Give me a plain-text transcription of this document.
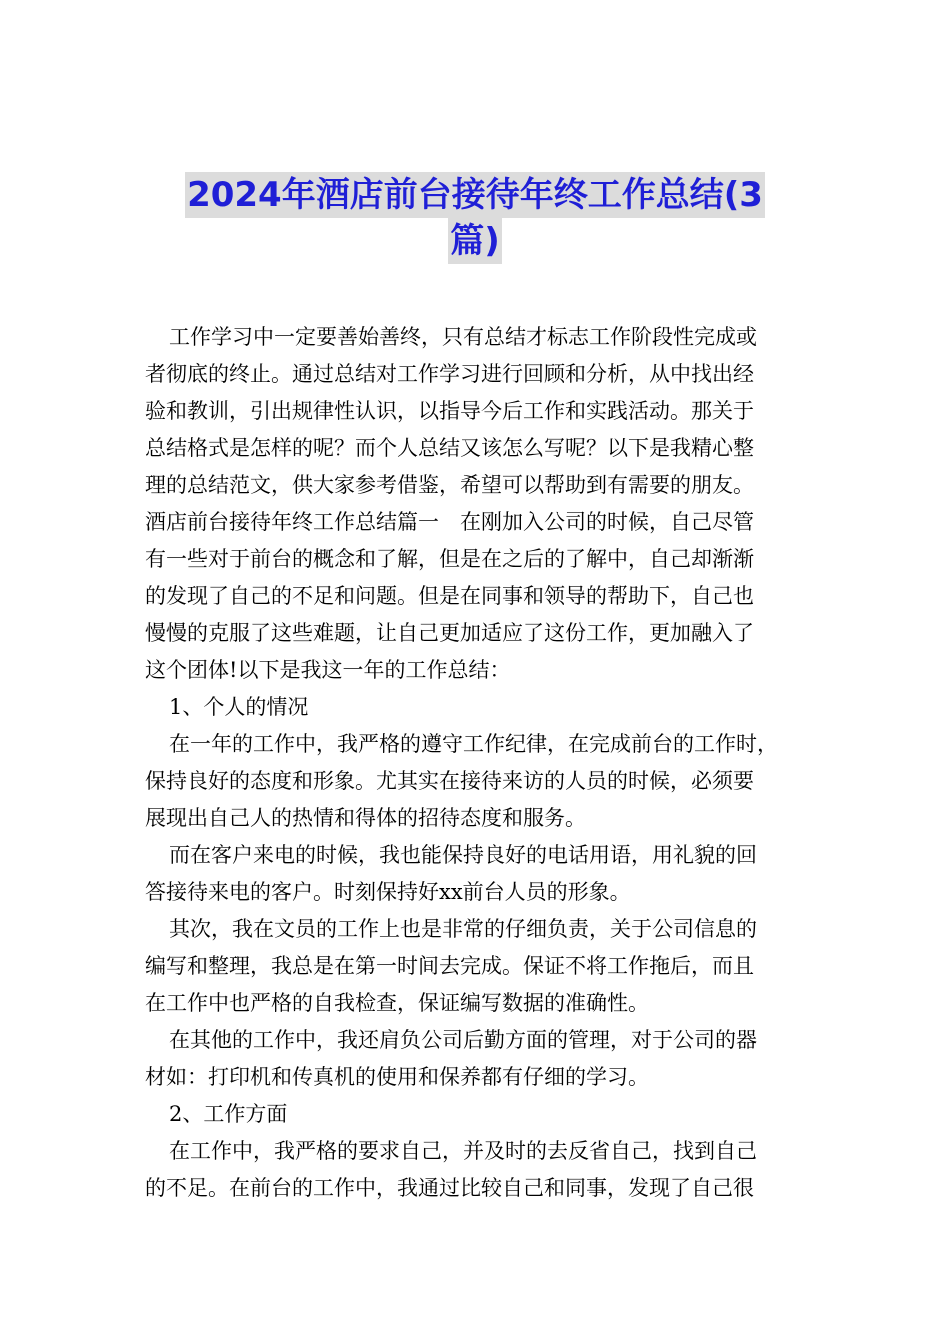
2024年酒店前台接待年终工作总结(3
篇)
工作学习中一定要善始善终，只有总结才标志工作阶段性完成或
者彻底的终止。通过总结对工作学习进行回顾和分析，从中找出经
验和教训，引出规律性认识，以指导今后工作和实践活动。那关于
总结格式是怎样的呢？而个人总结又该怎么写呢？以下是我精心整
理的总结范文，供大家参考借鉴，希望可以帮助到有需要的朋友。
酒店前台接待年终工作总结篇一　在刚加入公司的时候，自己尽管
有一些对于前台的概念和了解，但是在之后的了解中，自己却渐渐
的发现了自己的不足和问题。但是在同事和领导的帮助下，自己也
慢慢的克服了这些难题，让自己更加适应了这份工作，更加融入了
这个团体!以下是我这一年的工作总结：
1、个人的情况
在一年的工作中，我严格的遵守工作纪律，在完成前台的工作时，
保持良好的态度和形象。尤其实在接待来访的人员的时候，必须要
展现出自己人的热情和得体的招待态度和服务。
而在客户来电的时候，我也能保持良好的电话用语，用礼貌的回
答接待来电的客户。时刻保持好xx前台人员的形象。
其次，我在文员的工作上也是非常的仔细负责，关于公司信息的
编写和整理，我总是在第一时间去完成。保证不将工作拖后，而且
在工作中也严格的自我检查，保证编写数据的准确性。
在其他的工作中，我还肩负公司后勤方面的管理，对于公司的器
材如：打印机和传真机的使用和保养都有仔细的学习。
2、工作方面
在工作中，我严格的要求自己，并及时的去反省自己，找到自己
的不足。在前台的工作中，我通过比较自己和同事，发现了自己很
